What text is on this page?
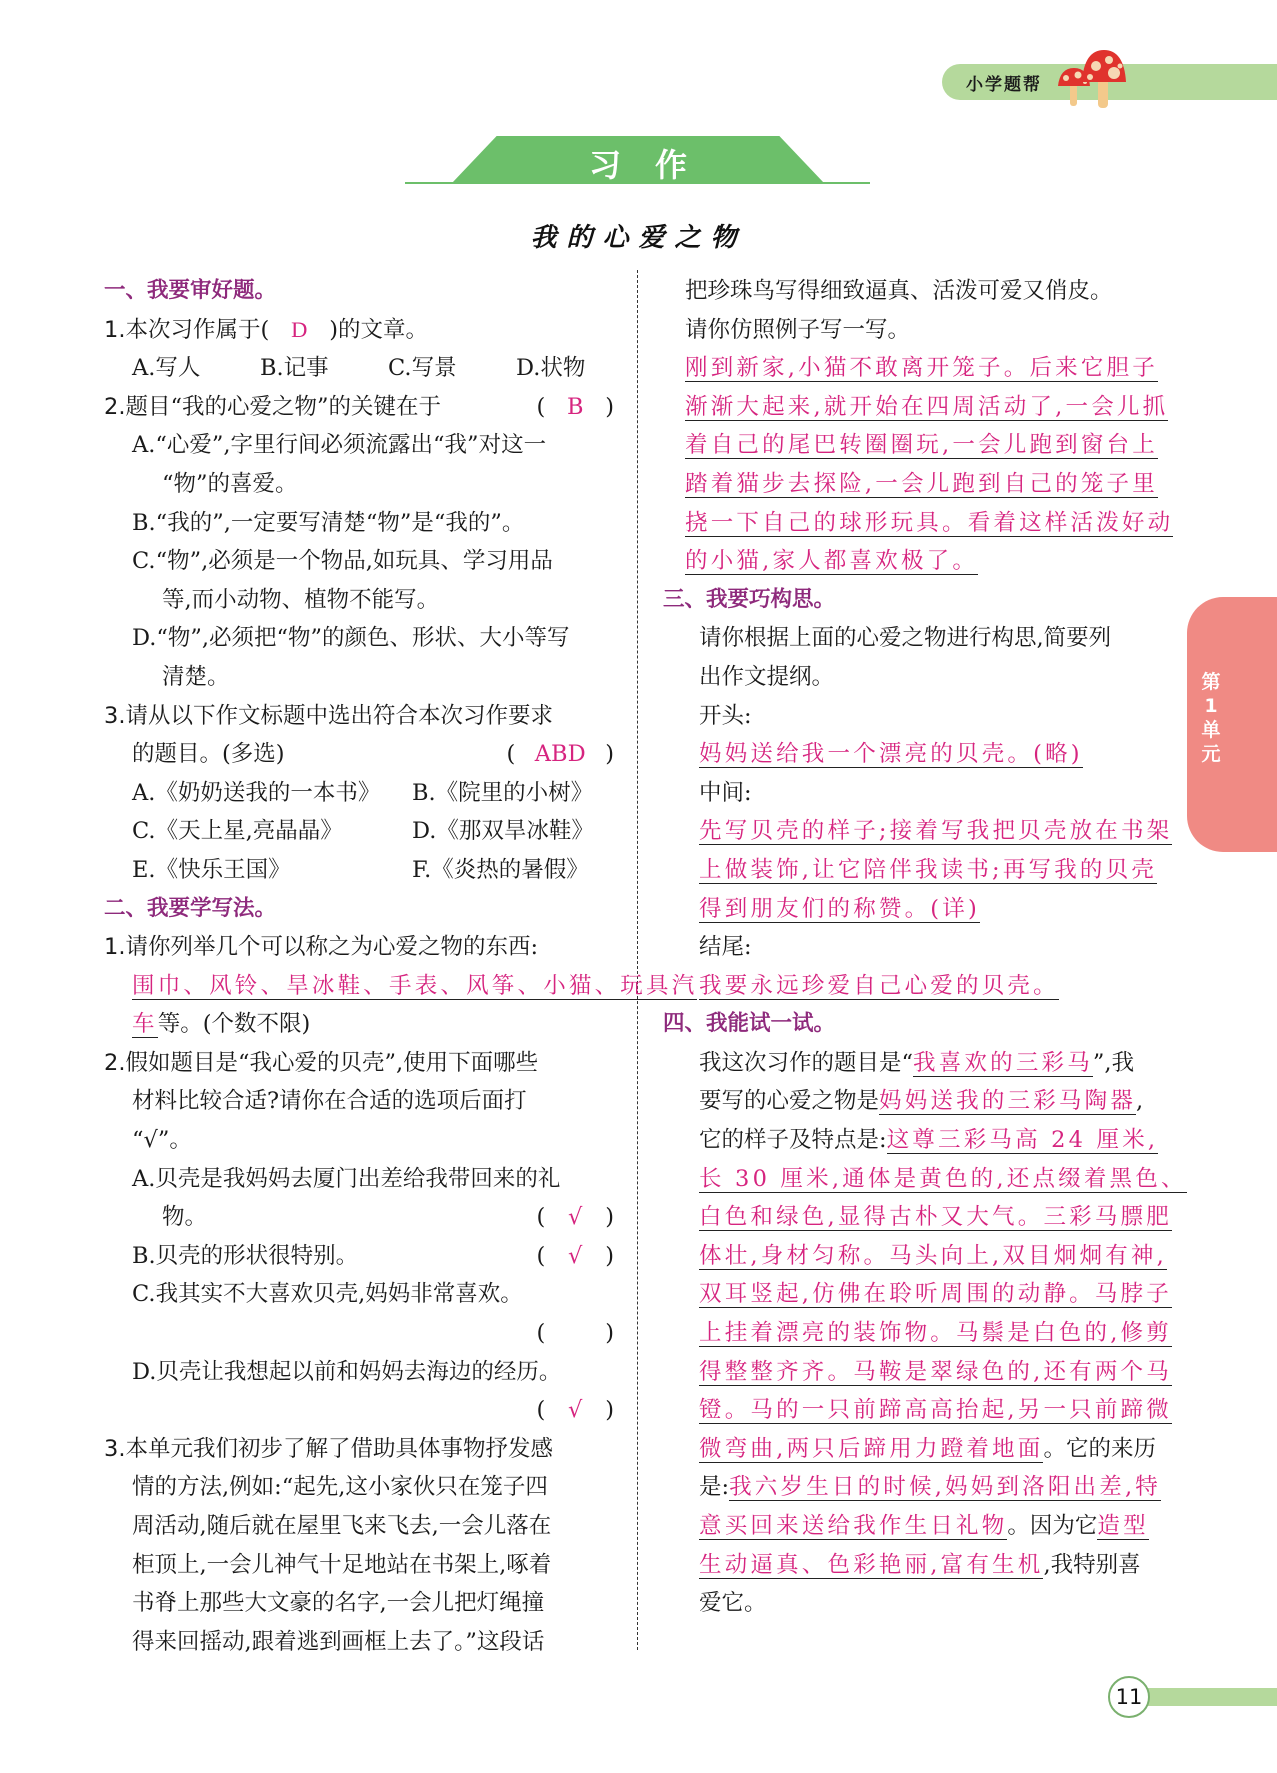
小学题帮
习作
我的心爱之物
一、我要审好题。
1.本次习作属于( D )的文章。
A.写人	B.记事	C.写景	D.状物
2.题目“我的心爱之物”的关键在于	( B )
A.“心爱”,字里行间必须流露出“我”对这一
“物”的喜爱。
B.“我的”,一定要写清楚“物”是“我的”。
C.“物”,必须是一个物品,如玩具、学习用品
等,而小动物、植物不能写。
D.“物”,必须把“物”的颜色、形状、大小等写
清楚。
3.请从以下作文标题中选出符合本次习作要求
的题目。(多选)	( ABD )
A.《奶奶送我的一本书》 B.《院里的小树》
C.《天上星,亮晶晶》	D.《那双旱冰鞋》
E.《快乐王国》	F.《炎热的暑假》
二、我要学写法。
1.请你列举几个可以称之为心爱之物的东西:
围巾、风铃、旱冰鞋、手表、风筝、小猫、玩具汽
车等。(个数不限)
2.假如题目是“我心爱的贝壳”,使用下面哪些
材料比较合适?请你在合适的选项后面打
“√”。
A.贝壳是我妈妈去厦门出差给我带回来的礼
物。	( √ )
B.贝壳的形状很特别。	( √ )
C.我其实不大喜欢贝壳,妈妈非常喜欢。
(	)
D.贝壳让我想起以前和妈妈去海边的经历。
( √ )
3.本单元我们初步了解了借助具体事物抒发感
情的方法,例如:“起先,这小家伙只在笼子四
周活动,随后就在屋里飞来飞去,一会儿落在
柜顶上,一会儿神气十足地站在书架上,啄着
书脊上那些大文豪的名字,一会儿把灯绳撞
得来回摇动,跟着逃到画框上去了。”这段话
把珍珠鸟写得细致逼真、活泼可爱又俏皮。
请你仿照例子写一写。
刚到新家,小猫不敢离开笼子。后来它胆子
渐渐大起来,就开始在四周活动了,一会儿抓
着自己的尾巴转圈圈玩,一会儿跑到窗台上
踏着猫步去探险,一会儿跑到自己的笼子里
挠一下自己的球形玩具。看着这样活泼好动
的小猫,家人都喜欢极了。
三、我要巧构思。
请你根据上面的心爱之物进行构思,简要列
出作文提纲。
开头:
妈妈送给我一个漂亮的贝壳。(略)
中间:
先写贝壳的样子;接着写我把贝壳放在书架
上做装饰,让它陪伴我读书;再写我的贝壳
得到朋友们的称赞。(详)
结尾:
我要永远珍爱自己心爱的贝壳。
四、我能试一试。
我这次习作的题目是“我喜欢的三彩马”,我
要写的心爱之物是妈妈送我的三彩马陶器,
它的样子及特点是:这尊三彩马高 24 厘米,
长 30 厘米,通体是黄色的,还点缀着黑色、
白色和绿色,显得古朴又大气。三彩马膘肥
体壮,身材匀称。马头向上,双目炯炯有神,
双耳竖起,仿佛在聆听周围的动静。马脖子
上挂着漂亮的装饰物。马鬃是白色的,修剪
得整整齐齐。马鞍是翠绿色的,还有两个马
镫。马的一只前蹄高高抬起,另一只前蹄微
微弯曲,两只后蹄用力蹬着地面。它的来历
是:我六岁生日的时候,妈妈到洛阳出差,特
意买回来送给我作生日礼物。因为它造型
生动逼真、色彩艳丽,富有生机,我特别喜
爱它。
第
1
单
元
11
